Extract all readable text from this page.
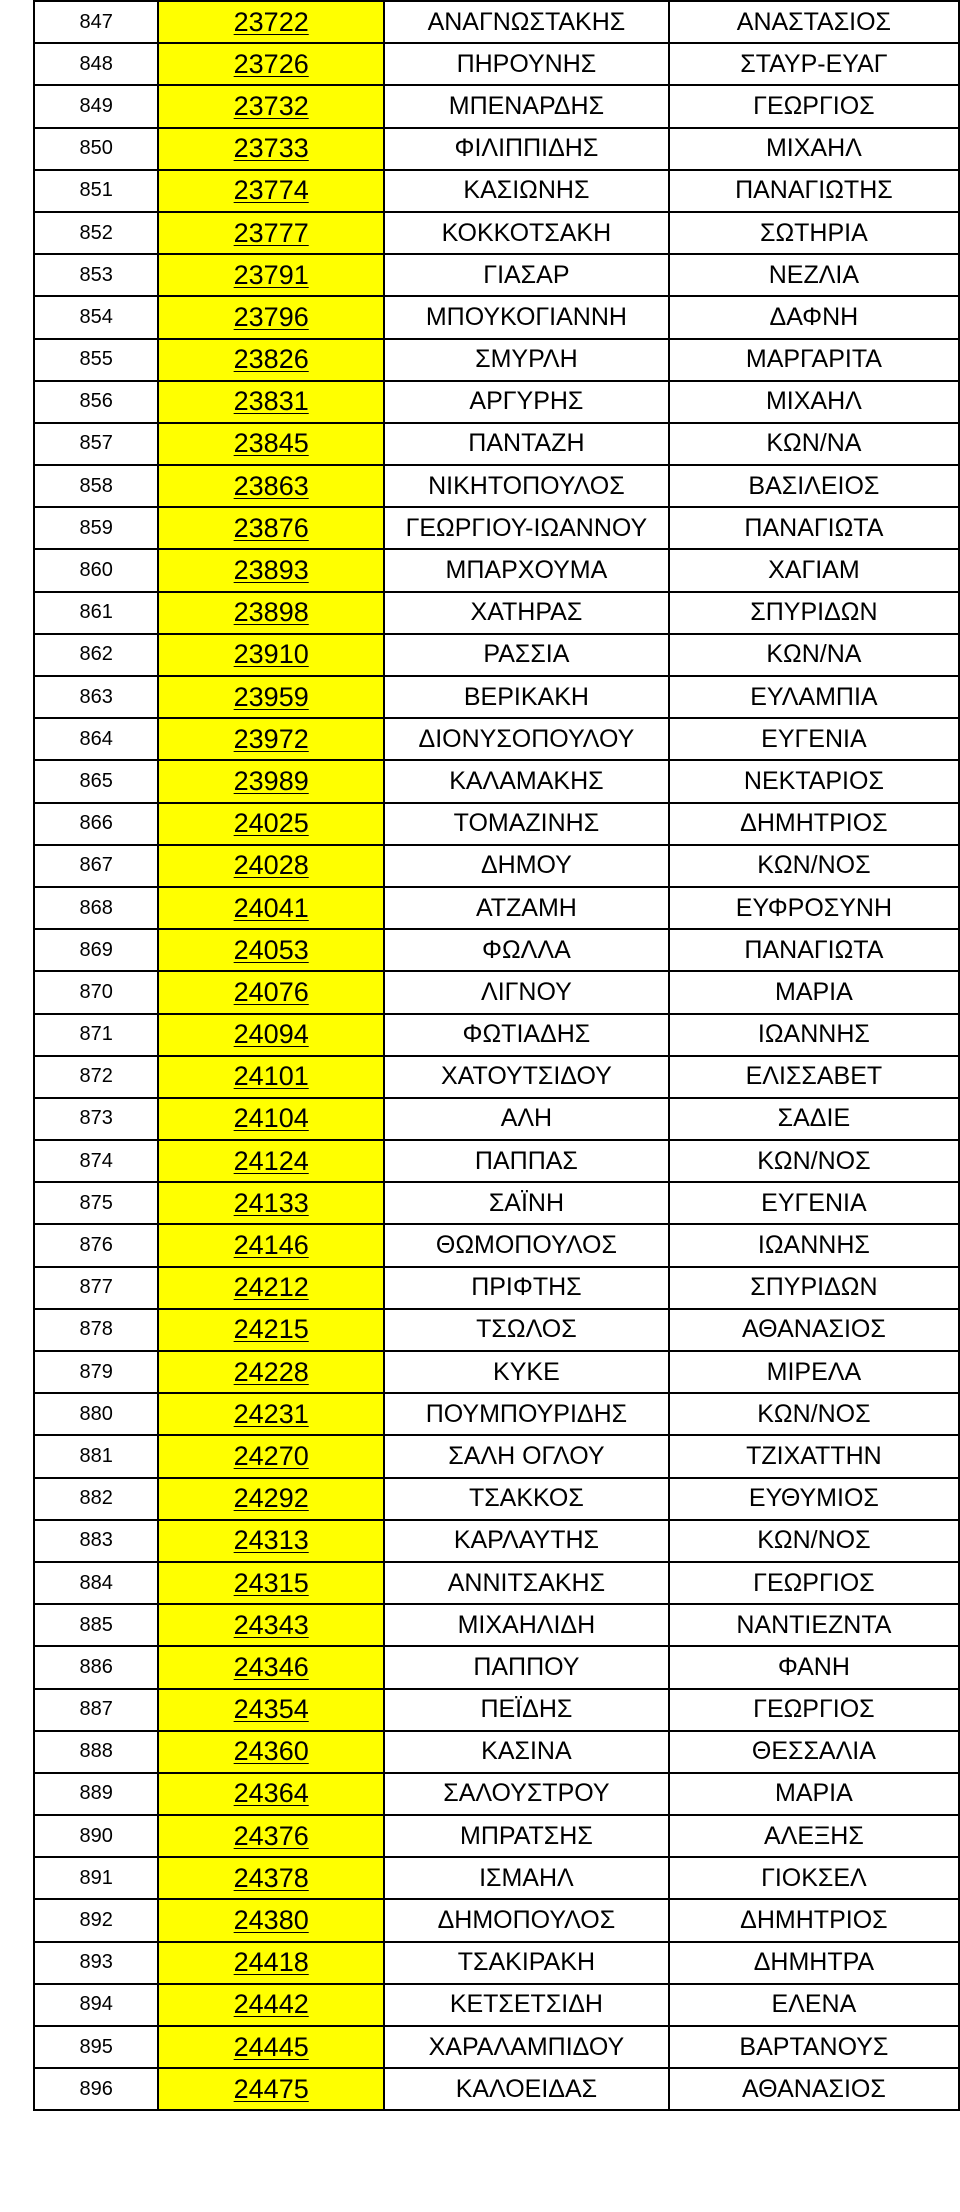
847	23722	ΑΝΑΓΝΩΣΤΑΚΗΣ	ΑΝΑΣΤΑΣΙΟΣ
848	23726	ΠΗΡΟΥΝΗΣ	ΣΤΑΥΡ-ΕΥΑΓ
849	23732	ΜΠΕΝΑΡΔΗΣ	ΓΕΩΡΓΙΟΣ
850	23733	ΦΙΛΙΠΠΙΔΗΣ	ΜΙΧΑΗΛ
851	23774	ΚΑΣΙΩΝΗΣ	ΠΑΝΑΓΙΩΤΗΣ
852	23777	ΚΟΚΚΟΤΣΑΚΗ	ΣΩΤΗΡΙΑ
853	23791	ΓΙΑΣΑΡ	ΝΕΖΛΙΑ
854	23796	ΜΠΟΥΚΟΓΙΑΝΝΗ	ΔΑΦΝΗ
855	23826	ΣΜΥΡΛΗ	ΜΑΡΓΑΡΙΤΑ
856	23831	ΑΡΓΥΡΗΣ	ΜΙΧΑΗΛ
857	23845	ΠΑΝΤΑΖΗ	ΚΩΝ/ΝΑ
858	23863	ΝΙΚΗΤΟΠΟΥΛΟΣ	ΒΑΣΙΛΕΙΟΣ
859	23876	ΓΕΩΡΓΙΟΥ-ΙΩΑΝΝΟΥ	ΠΑΝΑΓΙΩΤΑ
860	23893	ΜΠΑΡΧΟΥΜΑ	ΧΑΓΙΑΜ
861	23898	ΧΑΤΗΡΑΣ	ΣΠΥΡΙΔΩΝ
862	23910	ΡΑΣΣΙΑ	ΚΩΝ/ΝΑ
863	23959	ΒΕΡΙΚΑΚΗ	ΕΥΛΑΜΠΙΑ
864	23972	ΔΙΟΝΥΣΟΠΟΥΛΟΥ	ΕΥΓΕΝΙΑ
865	23989	ΚΑΛΑΜΑΚΗΣ	ΝΕΚΤΑΡΙΟΣ
866	24025	ΤΟΜΑΖΙΝΗΣ	ΔΗΜΗΤΡΙΟΣ
867	24028	ΔΗΜΟΥ	ΚΩΝ/ΝΟΣ
868	24041	ΑΤΖΑΜΗ	ΕΥΦΡΟΣΥΝΗ
869	24053	ΦΩΛΛΑ	ΠΑΝΑΓΙΩΤΑ
870	24076	ΛΙΓΝΟΥ	ΜΑΡΙΑ
871	24094	ΦΩΤΙΑΔΗΣ	ΙΩΑΝΝΗΣ
872	24101	ΧΑΤΟΥΤΣΙΔΟΥ	ΕΛΙΣΣΑΒΕΤ
873	24104	ΑΛΗ	ΣΑΔΙΕ
874	24124	ΠΑΠΠΑΣ	ΚΩΝ/ΝΟΣ
875	24133	ΣΑΪΝΗ	ΕΥΓΕΝΙΑ
876	24146	ΘΩΜΟΠΟΥΛΟΣ	ΙΩΑΝΝΗΣ
877	24212	ΠΡΙΦΤΗΣ	ΣΠΥΡΙΔΩΝ
878	24215	ΤΣΩΛΟΣ	ΑΘΑΝΑΣΙΟΣ
879	24228	ΚΥΚΕ	ΜΙΡΕΛΑ
880	24231	ΠΟΥΜΠΟΥΡΙΔΗΣ	ΚΩΝ/ΝΟΣ
881	24270	ΣΑΛΗ ΟΓΛΟΥ	ΤΖΙΧΑΤΤΗΝ
882	24292	ΤΣΑΚΚΟΣ	ΕΥΘΥΜΙΟΣ
883	24313	ΚΑΡΛΑΥΤΗΣ	ΚΩΝ/ΝΟΣ
884	24315	ΑΝΝΙΤΣΑΚΗΣ	ΓΕΩΡΓΙΟΣ
885	24343	ΜΙΧΑΗΛΙΔΗ	ΝΑΝΤΙΕΖΝΤΑ
886	24346	ΠΑΠΠΟΥ	ΦΑΝΗ
887	24354	ΠΕΪΔΗΣ	ΓΕΩΡΓΙΟΣ
888	24360	ΚΑΣΙΝΑ	ΘΕΣΣΑΛΙΑ
889	24364	ΣΑΛΟΥΣΤΡΟΥ	ΜΑΡΙΑ
890	24376	ΜΠΡΑΤΣΗΣ	ΑΛΕΞΗΣ
891	24378	ΙΣΜΑΗΛ	ΓΙΟΚΣΕΛ
892	24380	ΔΗΜΟΠΟΥΛΟΣ	ΔΗΜΗΤΡΙΟΣ
893	24418	ΤΣΑΚΙΡΑΚΗ	ΔΗΜΗΤΡΑ
894	24442	ΚΕΤΣΕΤΣΙΔΗ	ΕΛΕΝΑ
895	24445	ΧΑΡΑΛΑΜΠΙΔΟΥ	ΒΑΡΤΑΝΟΥΣ
896	24475	ΚΑΛΟΕΙΔΑΣ	ΑΘΑΝΑΣΙΟΣ
